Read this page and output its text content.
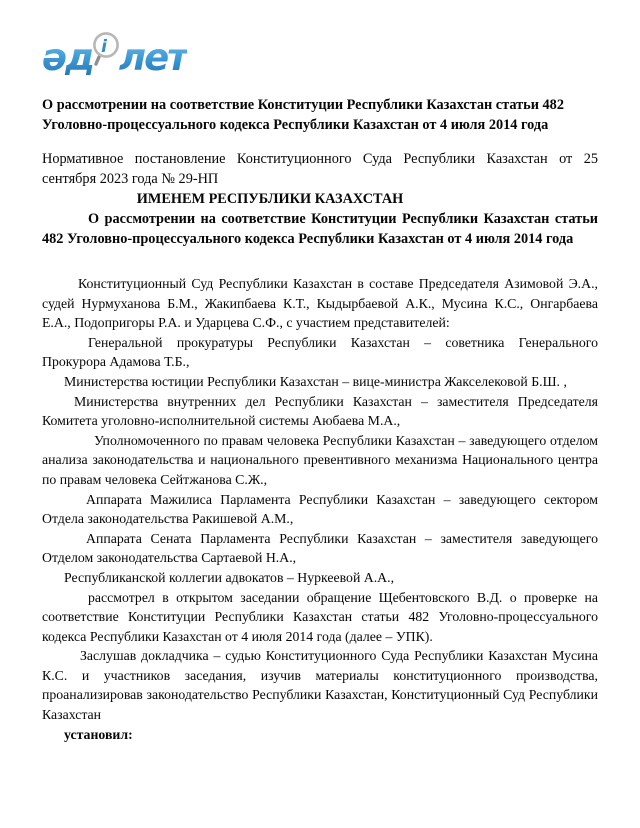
әд i лет
О рассмотрении на соответствие Конституции Республики Казахстан статьи 482 Уголовно-процессуального кодекса Республики Казахстан от 4 июля 2014 года

Нормативное постановление Конституционного Суда Республики Казахстан от 25 сентября 2023 года № 29-НП

ИМЕНЕМ РЕСПУБЛИКИ КАЗАХСТАН

О рассмотрении на соответствие Конституции Республики Казахстан статьи 482 Уголовно-процессуального кодекса Республики Казахстан от 4 июля 2014 года

Конституционный Суд Республики Казахстан в составе Председателя Азимовой Э.А., судей Нурмуханова Б.М., Жакипбаева К.Т., Кыдырбаевой А.К., Мусина К.С., Онгарбаева Е.А., Подопригоры Р.А. и Ударцева С.Ф., с участием представителей:

Генеральной прокуратуры Республики Казахстан – советника Генерального Прокурора Адамова Т.Б.,

Министерства юстиции Республики Казахстан – вице-министра Жакселековой Б.Ш. ,

Министерства внутренних дел Республики Казахстан – заместителя Председателя Комитета уголовно-исполнительной системы Аюбаева М.А.,

Уполномоченного по правам человека Республики Казахстан – заведующего отделом анализа законодательства и национального превентивного механизма Национального центра по правам человека Сейтжанова С.Ж.,

Аппарата Мажилиса Парламента Республики Казахстан – заведующего сектором Отдела законодательства Ракишевой А.М.,

Аппарата Сената Парламента Республики Казахстан – заместителя заведующего Отделом законодательства Сартаевой Н.А.,

Республиканской коллегии адвокатов – Нуркеевой А.А.,

рассмотрел в открытом заседании обращение Щебентовского В.Д. о проверке на соответствие Конституции Республики Казахстан статьи 482 Уголовно-процессуального кодекса Республики Казахстан от 4 июля 2014 года (далее – УПК).

Заслушав докладчика – судью Конституционного Суда Республики Казахстан Мусина К.С. и участников заседания, изучив материалы конституционного производства, проанализировав законодательство Республики Казахстан, Конституционный Суд Республики Казахстан

установил:
